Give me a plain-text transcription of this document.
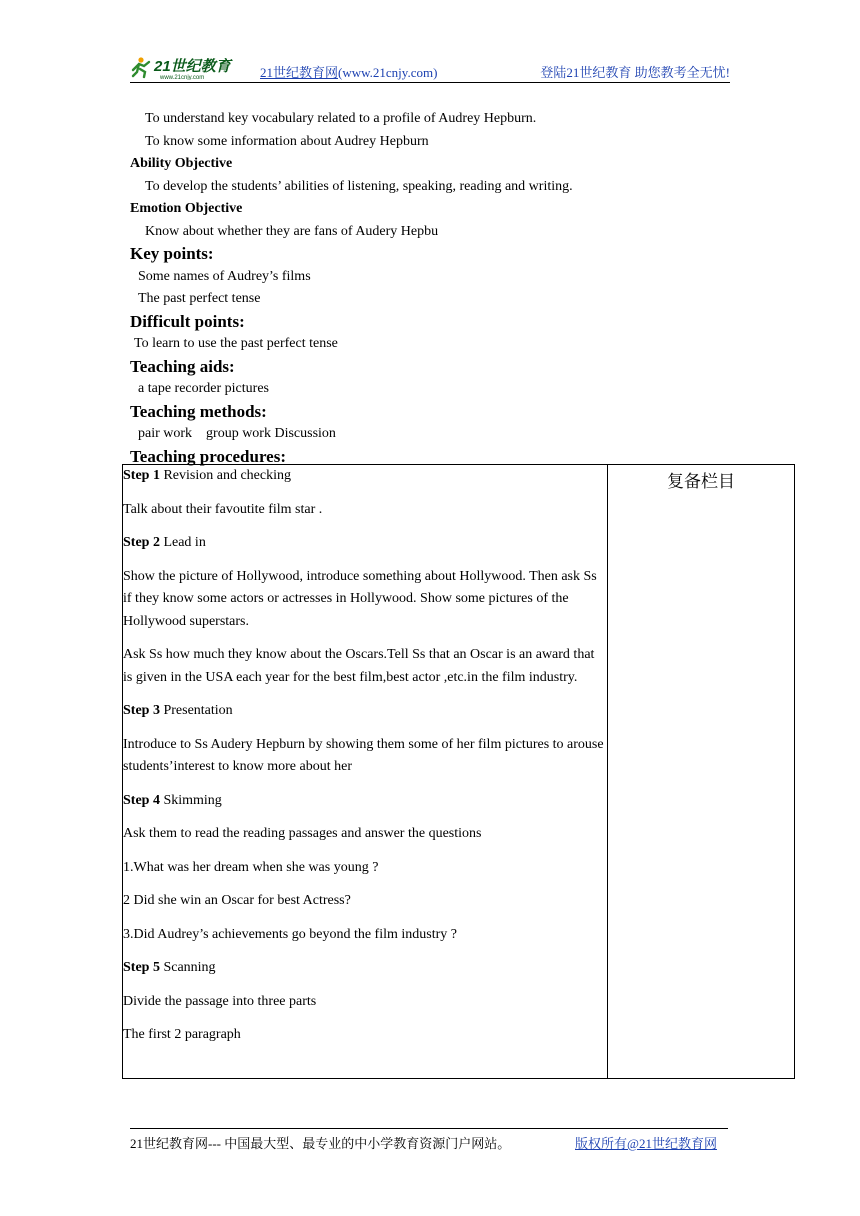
21世纪教育
www.21cnjy.com	21世纪教育网(www.21cnjy.com)	登陆21世纪教育 助您教考全无忧!
To understand key vocabulary related to a profile of Audrey Hepburn.
To know some information about Audrey Hepburn
Ability Objective
To develop the students’ abilities of listening, speaking, reading and writing.
Emotion Objective
Know about whether they are fans of Audery Hepbu
Key points:
Some names of Audrey’s films
The past perfect tense
Difficult points:
To learn to use the past perfect tense
Teaching aids:
a tape recorder pictures
Teaching methods:
pair work    group work Discussion
Teaching procedures:
Step 1 Revision and checking
Talk about their favoutite film star .
Step 2 Lead in
Show the picture of Hollywood, introduce something about Hollywood. Then ask Ss if they know some actors or actresses in Hollywood. Show some pictures of the Hollywood superstars.
Ask Ss how much they know about the Oscars.Tell Ss that an Oscar is an award that is given in the USA each year for the best film,best actor ,etc.in the film industry.
Step 3 Presentation
Introduce to Ss Audery Hepburn by showing them some of her film pictures to arouse students’interest to know more about her
Step 4 Skimming
Ask them to read the reading passages and answer the questions
1.What was her dream when she was young ?
2 Did she win an Oscar for best Actress?
3.Did Audrey’s achievements go beyond the film industry ?
Step 5 Scanning
Divide the passage into three parts
The first 2 paragraph

复备栏目
21世纪教育网--- 中国最大型、最专业的中小学教育资源门户网站。	版权所有@21世纪教育网
